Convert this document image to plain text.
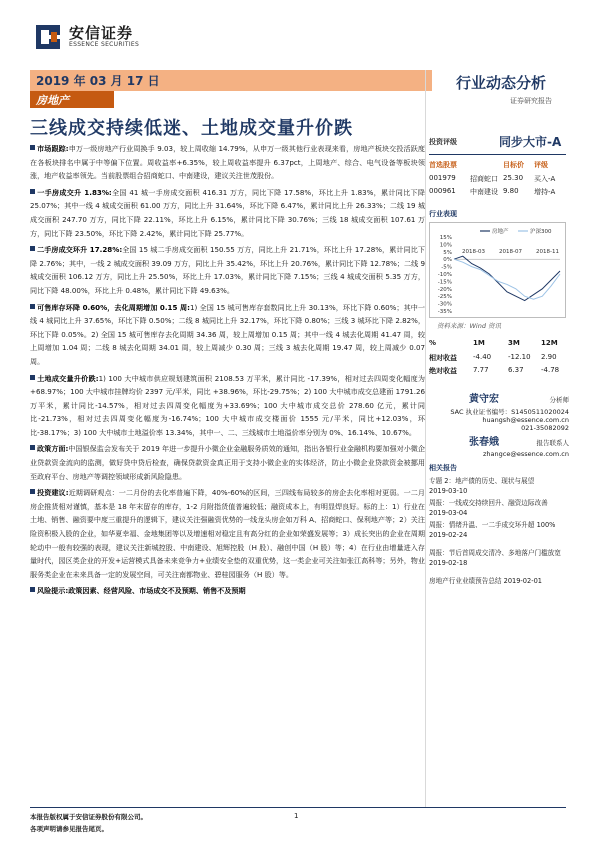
安信证券
ESSENCE SECURITIES
2019 年 03 月 17 日
房地产
行业动态分析
证券研究报告
三线成交持续低迷、土地成交量升价跌
市场跟踪:申万一级房地产行业周换手 9.03，较上周收缩 14.79%，从申万一级其他行业表现来看，房地产板块交投活跃度在各板块排名中属于中等偏下位置。周收益率+6.35%，较上周收益率提升 6.37pct，上周地产、综合、电气设备等板块领涨，地产收益率领先。当前股票组合招商蛇口、中南建设，建议关注世茂股份。
一手房成交升 1.83%:全国 41 城一手房成交面积 416.31 万方，同比下降 17.58%，环比上升 1.83%，累计同比下降 25.07%；其中一线 4 城成交面积 61.00 万方，同比上升 31.64%，环比下降 6.47%，累计同比上升 26.33%；二线 19 城成交面积 247.70 万方，同比下降 22.11%，环比上升 6.15%，累计同比下降 30.76%；三线 18 城成交面积 107.61 万方，同比下降 23.50%，环比下降 2.42%，累计同比下降 25.77%。
二手房成交环升 17.28%:全国 15 城二手房成交面积 150.55 万方，同比上升 21.71%，环比上升 17.28%，累计同比下降 2.76%；其中，一线 2 城成交面积 39.09 万方，同比上升 35.42%，环比上升 20.76%，累计同比下降 12.78%；二线 9 城成交面积 106.12 万方，同比上升 25.50%，环比上升 17.03%，累计同比下降 7.15%；三线 4 城成交面积 5.35 万方，同比下降 48.00%，环比上升 0.48%，累计同比下降 49.63%。
可售库存环降 0.60%，去化周期增加 0.15 周:1) 全国 15 城可售库存套数同比上升 30.13%，环比下降 0.60%；其中一线 4 城同比上升 37.65%，环比下降 0.50%；二线 8 城同比上升 32.17%，环比下降 0.80%；三线 3 城环比下降 2.82%，环比下降 0.05%。2) 全国 15 城可售库存去化周期 34.36 周，较上周增加 0.15 周；其中一线 4 城去化周期 41.47 周，较上周增加 1.04 周；二线 8 城去化周期 34.01 周，较上周减少 0.30 周；三线 3 城去化周期 19.47 周，较上周减少 0.07 周。
土地成交量升价跌:1) 100 大中城市供应规划建筑面积 2108.53 万平米，累计同比 -17.39%，相对过去四周变化幅度为+68.97%；100 大中城市挂牌均价 2397 元/平米，同比 +38.96%，环比-29.75%；2) 100 大中城市成交总建面 1791.26 万平米，累计同比-14.57%，相对过去四周变化幅度为+33.69%；100 大中城市成交总价 278.60 亿元，累计同比-21.73%，相对过去四周变化幅度为-16.74%；100 大中城市成交楼面价 1555 元/平米，同比+12.03%，环比-38.17%；3) 100 大中城市土地溢价率 13.34%，其中一、二、三线城市土地溢价率分别为 0%、16.14%、10.67%。
政策方面:中国银保监会发布关于 2019 年进一步提升小微企业金融服务质效的通知，指出各银行业金融机构要加强对小微企业贷款资金流向的监测，做好贷中贷后检查，确保贷款资金真正用于支持小微企业的实体经济，防止小微企业贷款资金被挪用至政府平台、房地产等调控领域形成新风险隐患。
投资建议:近期调研观点：一二月份的去化率普遍下降，40%-60%的区间，三四线布局较多的房企去化率相对更弱。一二月房企推货相对谨慎，基本是 18 年末留存的库存，1-2 月附指货值普遍较低；融资成本上，有明显焊良好。标的上：1）行业在土地、销售、融资要中度三重提升的逻辑下，建议关注强融资优势的一线龙头房企如万科 A、招商蛇口、保利地产等；2）关注险资积极入股的企业，如华夏幸福、金地集团等以及增速相对稳定且有高分红的企业如荣盛发展等；3）成长突出的企业在周期轮动中一般有较强的表现，建议关注新城控股、中南建设、旭辉控股（H 股）、融创中国（H 股）等；4）在行业由增量进入存量时代，园区类企业的开发+运营模式具备未来竞争力+业绩安全垫的双重优势，这一类企业可关注如张江高科等；另外，物业服务类企业在未来具备一定的发展空间，可关注南都物业、碧桂园服务（H 股）等。
风险提示:政策因素、经营风险、市场成交不及预期、销售不及预期
投资评级	同步大市-A
首选股票	目标价 评级
001979 招商蛇口 25.30 买入-A
000961 中南建设 9.80 增持-A
行业表现
15%
10%
5%
0%
-5%
-10%
-15%
-20%
-25%
-30%
-35%
2018-03	2018-07	2018-11
房地产	沪深300
资料来源：Wind 资讯
%	1M	3M	12M
相对收益 -4.40 -12.10 2.90
绝对收益 7.77	6.37 -4.78
黄守宏	分析师
SAC 执业证书编号：S1450511020024
huangsh@essence.com.cn
021-35082092
张春娥	报告联系人
zhangce@essence.com.cn
相关报告
专题 2：地产债的历史、现状与展望
2019-03-10
周报：一线成交持续回升、融资边际改善
2019-03-04
周报：情绪升温、一二手成交环升超 100%
2019-02-24
周报：节后首周成交清冷、多地落户门槛放宽
2019-02-18
房地产行业业绩预告总结 2019-02-01
本报告版权属于安信证券股份有限公司。
各项声明请参见报告尾页。
1
